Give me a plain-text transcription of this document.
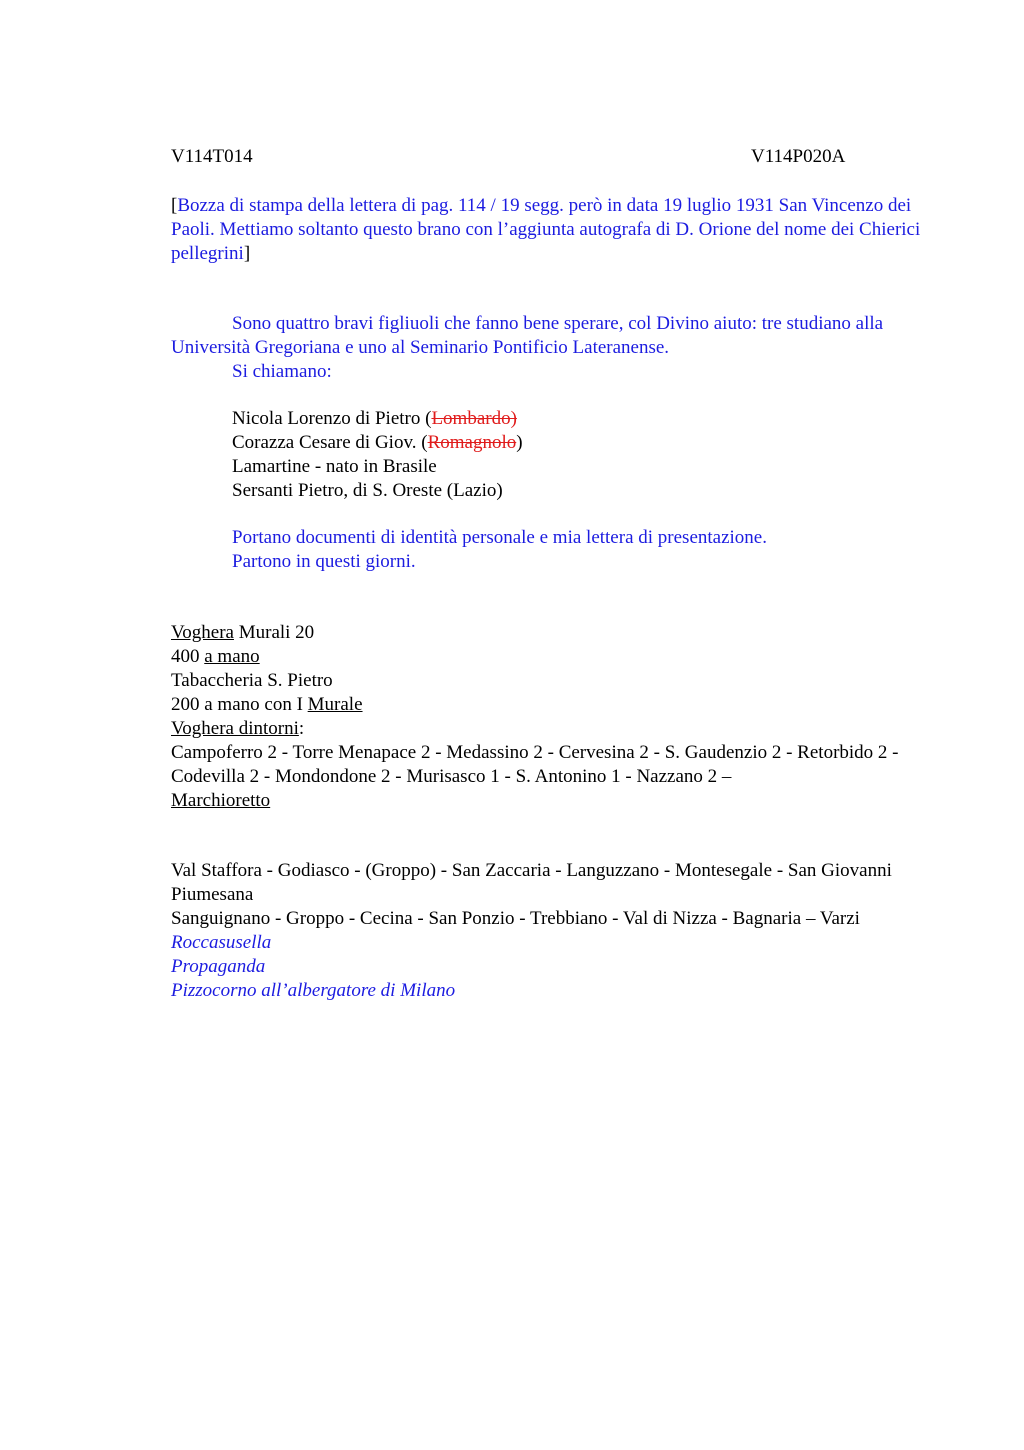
V114T014	V114P020A

[Bozza di stampa della lettera di pag. 114 / 19 segg. però in data 19 luglio 1931 San Vincenzo dei Paoli. Mettiamo soltanto questo brano con l’aggiunta autografa di D. Orione del nome dei Chierici pellegrini]

Sono quattro bravi figliuoli che fanno bene sperare, col Divino aiuto: tre studiano alla Università Gregoriana e uno al Seminario Pontificio Lateranense.

Si chiamano:

Nicola Lorenzo di Pietro (Lombardo)

Corazza Cesare di Giov. (Romagnolo)

Lamartine - nato in Brasile

Sersanti Pietro, di S. Oreste (Lazio)

Portano documenti di identità personale e mia lettera di presentazione.

Partono in questi giorni.

Voghera Murali 20

400 a mano

Tabaccheria S. Pietro

200 a mano con I Murale

Voghera dintorni:

Campoferro 2 - Torre Menapace 2 - Medassino 2 - Cervesina 2 - S. Gaudenzio 2 - Retorbido 2 - Codevilla 2 - Mondondone 2 - Murisasco 1 - S. Antonino 1 - Nazzano 2 –

Marchioretto

Val Staffora - Godiasco - (Groppo) - San Zaccaria - Languzzano - Montesegale - San Giovanni Piumesana

Sanguignano - Groppo - Cecina - San Ponzio - Trebbiano - Val di Nizza - Bagnaria – Varzi

Roccasusella

Propaganda

Pizzocorno all’albergatore di Milano
